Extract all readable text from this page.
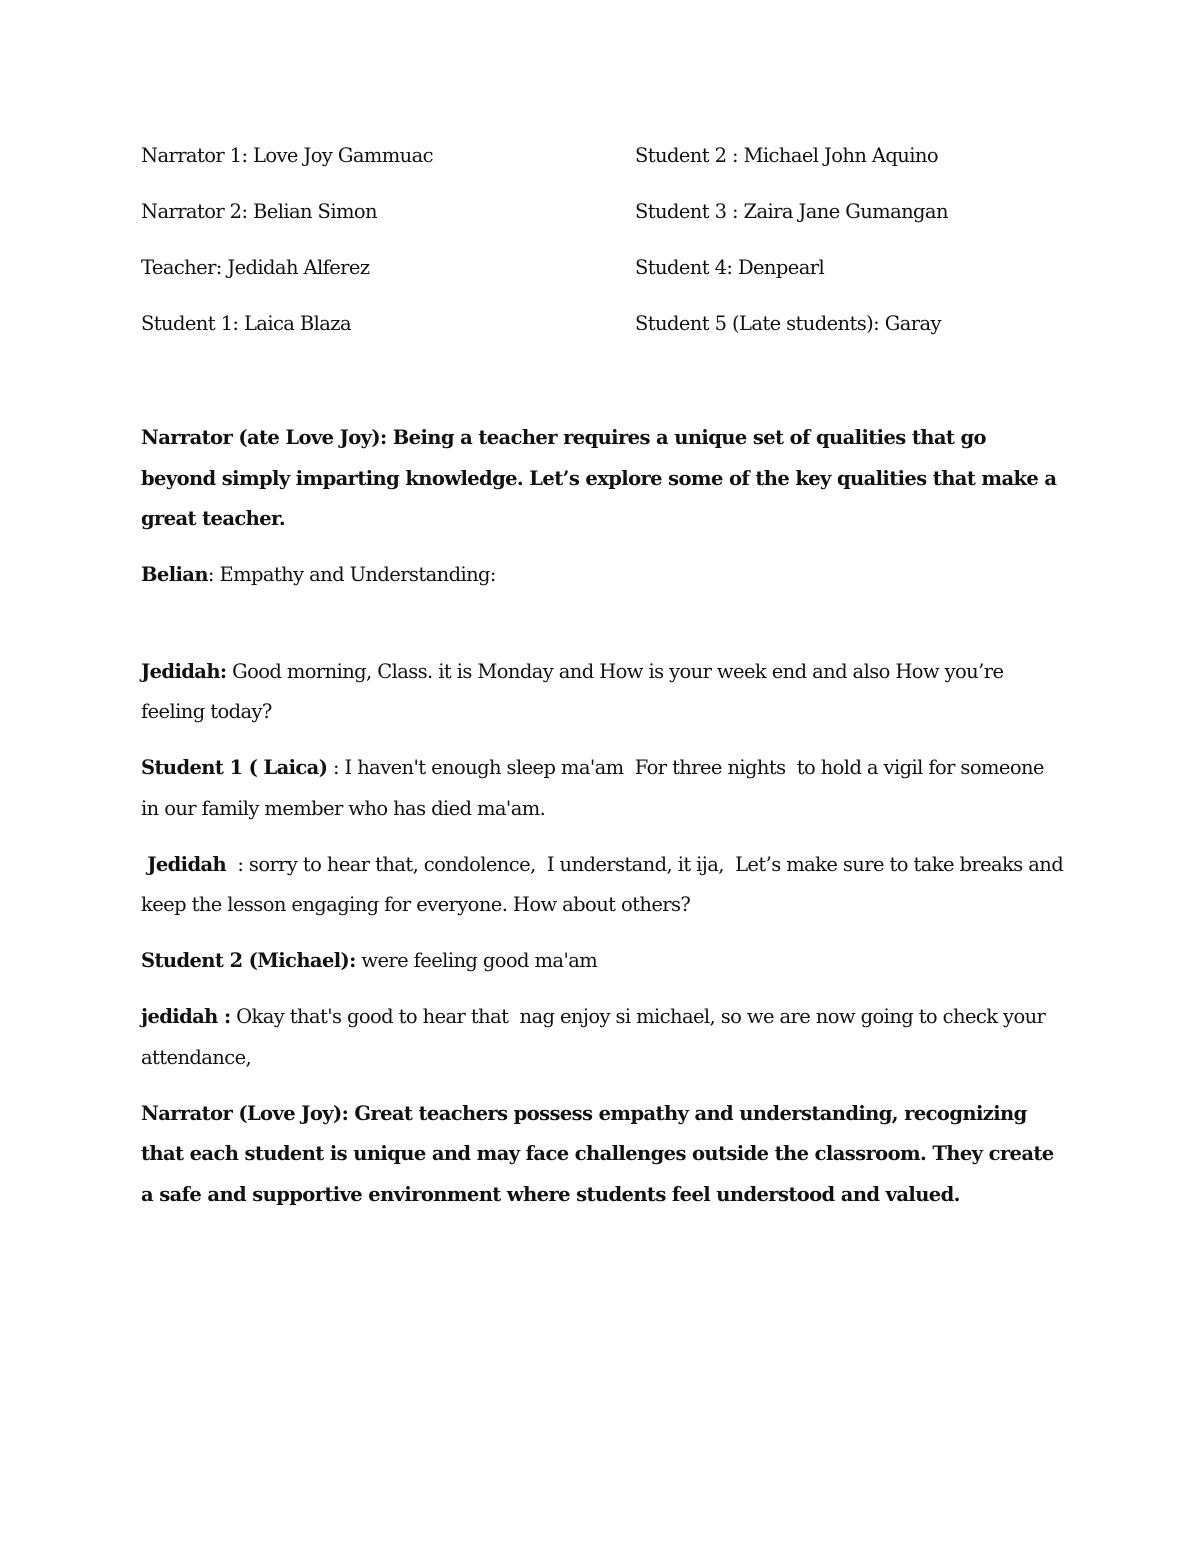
Narrator 1: Love Joy Gammuac	Student 2 : Michael John Aquino
Narrator 2: Belian Simon	Student 3 : Zaira Jane Gumangan
Teacher: Jedidah Alferez	Student 4: Denpearl
Student 1: Laica Blaza	Student 5 (Late students): Garay

Narrator (ate Love Joy): Being a teacher requires a unique set of qualities that go beyond simply imparting knowledge. Let’s explore some of the key qualities that make a great teacher.

Belian: Empathy and Understanding:

Jedidah: Good morning, Class. it is Monday and How is your week end and also How you’re feeling today?

Student 1 ( Laica) : I haven't enough sleep ma'am  For three nights  to hold a vigil for someone in our family member who has died ma'am.

Jedidah  : sorry to hear that, condolence,  I understand, it ija,  Let’s make sure to take breaks and keep the lesson engaging for everyone. How about others?

Student 2 (Michael): were feeling good ma'am

jedidah : Okay that's good to hear that  nag enjoy si michael, so we are now going to check your attendance,

Narrator (Love Joy): Great teachers possess empathy and understanding, recognizing that each student is unique and may face challenges outside the classroom. They create a safe and supportive environment where students feel understood and valued.
